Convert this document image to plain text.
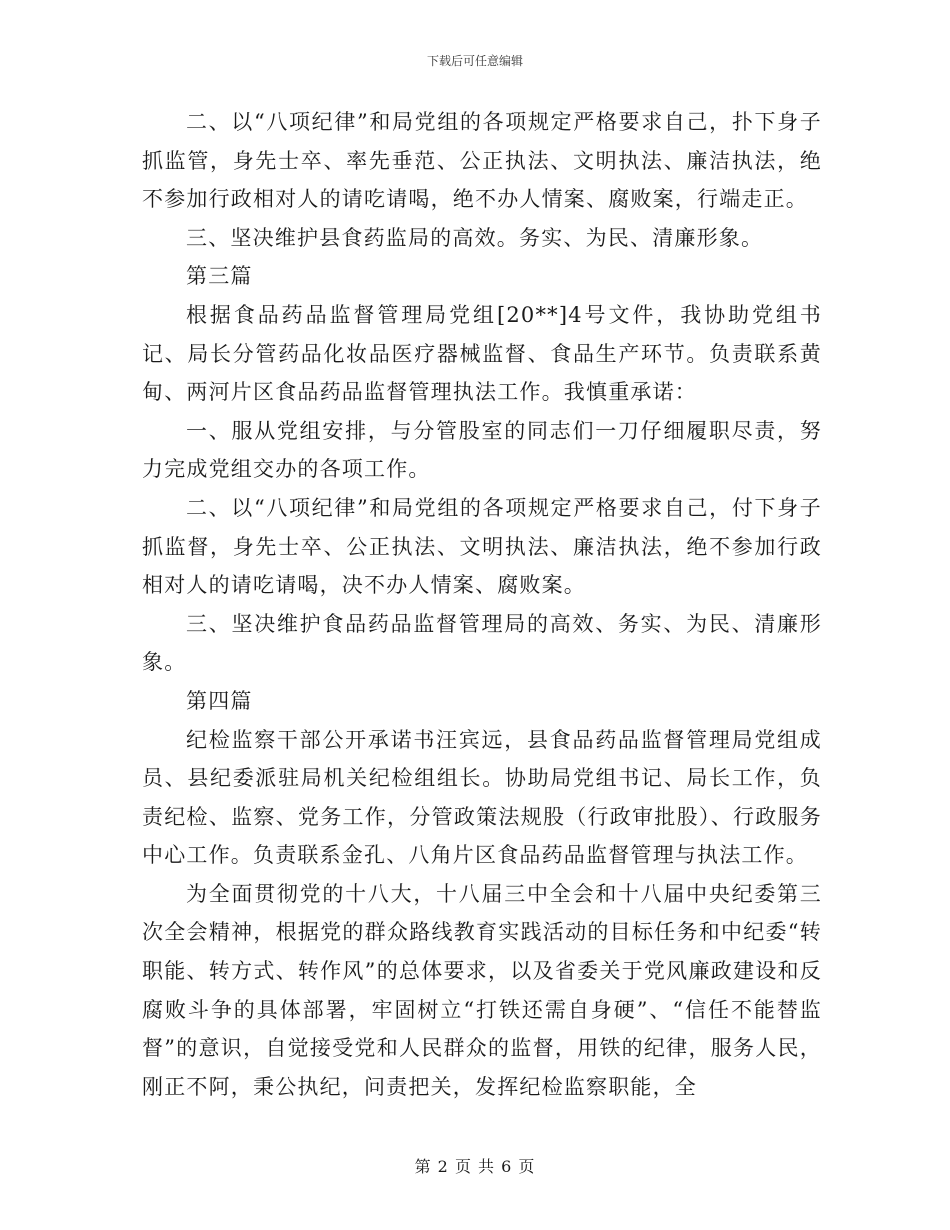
下载后可任意编辑

二、以“八项纪律”和局党组的各项规定严格要求自己，扑下身子抓监管，身先士卒、率先垂范、公正执法、文明执法、廉洁执法，绝不参加行政相对人的请吃请喝，绝不办人情案、腐败案，行端走正。

三、坚决维护县食药监局的高效。务实、为民、清廉形象。

第三篇

根据食品药品监督管理局党组[20**]4号文件，我协助党组书记、局长分管药品化妆品医疗器械监督、食品生产环节。负责联系黄甸、两河片区食品药品监督管理执法工作。我慎重承诺：

一、服从党组安排，与分管股室的同志们一刀仔细履职尽责，努力完成党组交办的各项工作。

二、以“八项纪律”和局党组的各项规定严格要求自己，付下身子抓监督，身先士卒、公正执法、文明执法、廉洁执法，绝不参加行政相对人的请吃请喝，决不办人情案、腐败案。

三、坚决维护食品药品监督管理局的高效、务实、为民、清廉形象。

第四篇

纪检监察干部公开承诺书汪宾远，县食品药品监督管理局党组成员、县纪委派驻局机关纪检组组长。协助局党组书记、局长工作，负责纪检、监察、党务工作，分管政策法规股（行政审批股）、行政服务中心工作。负责联系金孔、八角片区食品药品监督管理与执法工作。

为全面贯彻党的十八大，十八届三中全会和十八届中央纪委第三次全会精神，根据党的群众路线教育实践活动的目标任务和中纪委“转职能、转方式、转作风”的总体要求，以及省委关于党风廉政建设和反腐败斗争的具体部署，牢固树立“打铁还需自身硬”、“信任不能替监督”的意识，自觉接受党和人民群众的监督，用铁的纪律，服务人民，刚正不阿，秉公执纪，问责把关，发挥纪检监察职能，全

第 2 页 共 6 页
